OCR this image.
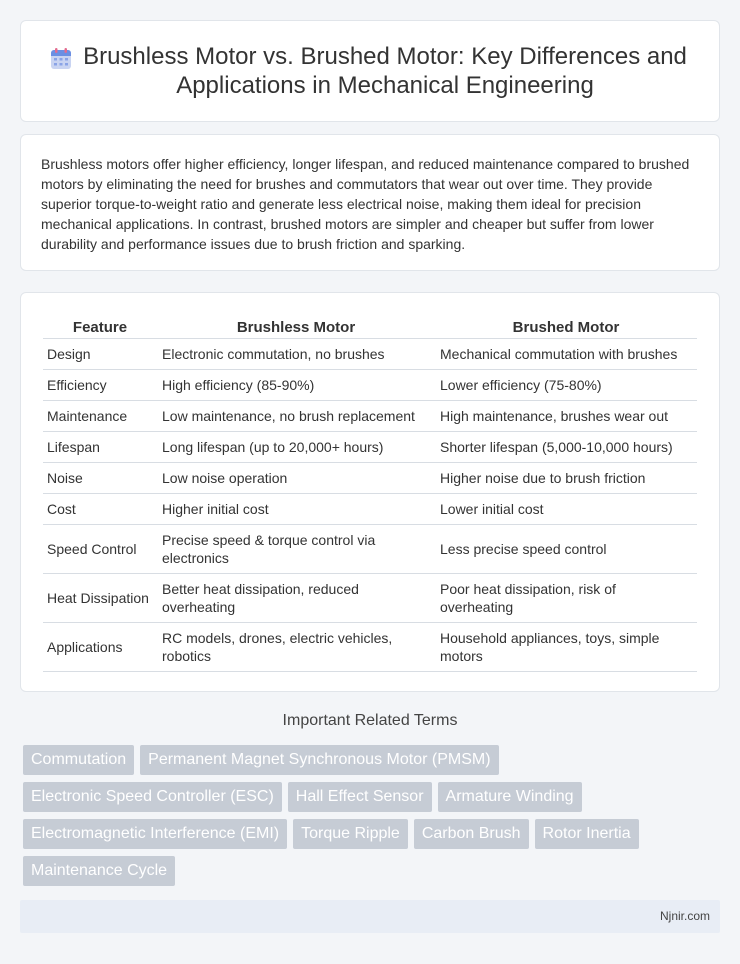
Brushless Motor vs. Brushed Motor: Key Differences and Applications in Mechanical Engineering

Brushless motors offer higher efficiency, longer lifespan, and reduced maintenance compared to brushed motors by eliminating the need for brushes and commutators that wear out over time. They provide superior torque-to-weight ratio and generate less electrical noise, making them ideal for precision mechanical applications. In contrast, brushed motors are simpler and cheaper but suffer from lower durability and performance issues due to brush friction and sparking.

Feature	Brushless Motor	Brushed Motor
Design	Electronic commutation, no brushes	Mechanical commutation with brushes
Efficiency	High efficiency (85-90%)	Lower efficiency (75-80%)
Maintenance	Low maintenance, no brush replacement	High maintenance, brushes wear out
Lifespan	Long lifespan (up to 20,000+ hours)	Shorter lifespan (5,000-10,000 hours)
Noise	Low noise operation	Higher noise due to brush friction
Cost	Higher initial cost	Lower initial cost
Speed Control	Precise speed & torque control via electronics	Less precise speed control
Heat Dissipation	Better heat dissipation, reduced overheating	Poor heat dissipation, risk of overheating
Applications	RC models, drones, electric vehicles, robotics	Household appliances, toys, simple motors
Important Related Terms
Commutation	Permanent Magnet Synchronous Motor (PMSM)
Electronic Speed Controller (ESC)	Hall Effect Sensor	Armature Winding
Electromagnetic Interference (EMI)	Torque Ripple	Carbon Brush	Rotor Inertia
Maintenance Cycle
Njnir.com
